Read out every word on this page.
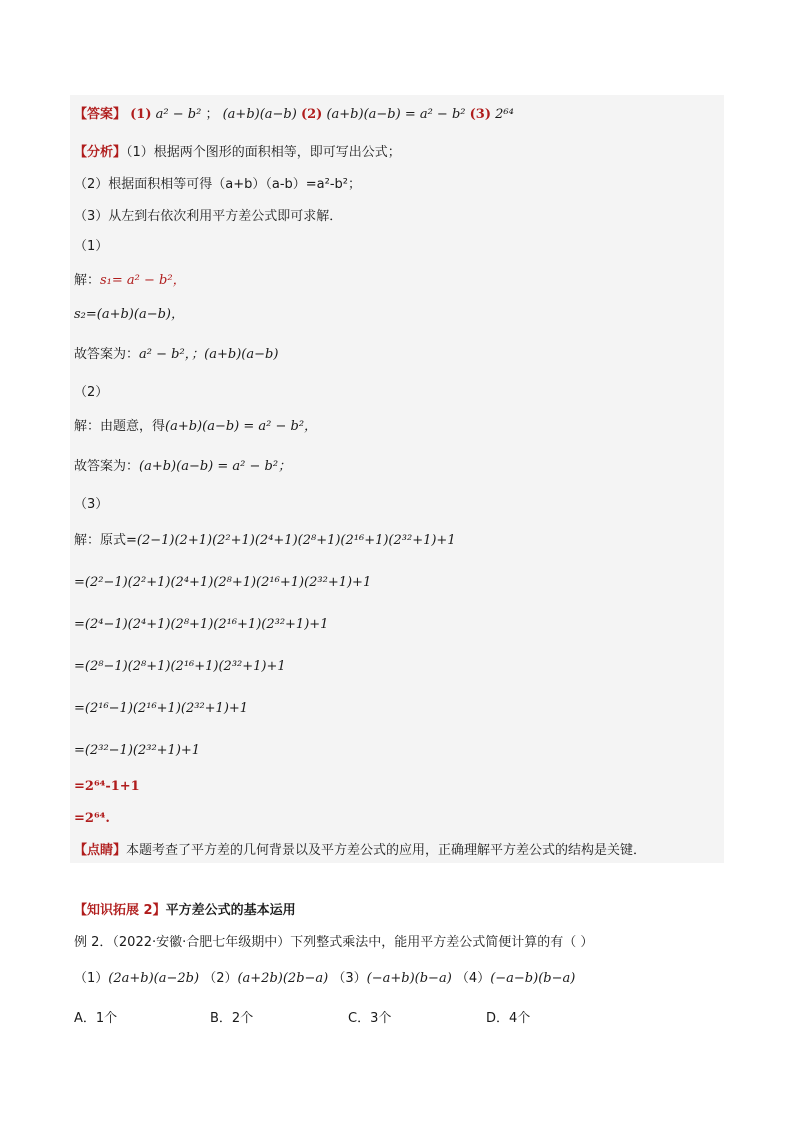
【答案】 (1) a² − b² ； (a+b)(a−b) (2) (a+b)(a−b) = a² − b² (3) 2⁶⁴
【分析】（1）根据两个图形的面积相等，即可写出公式；
（2）根据面积相等可得（a+b）（a-b）=a²-b²；
（3）从左到右依次利用平方差公式即可求解．
（1）
解：s₁= a² − b²，
s₂=(a+b)(a−b)，
故答案为：a² − b²，；(a+b)(a−b)
（2）
解：由题意，得(a+b)(a−b) = a² − b²，
故答案为：(a+b)(a−b) = a² − b²；
（3）
解：原式=(2−1)(2+1)(2²+1)(2⁴+1)(2⁸+1)(2¹⁶+1)(2³²+1)+1
=(2²−1)(2²+1)(2⁴+1)(2⁸+1)(2¹⁶+1)(2³²+1)+1
=(2⁴−1)(2⁴+1)(2⁸+1)(2¹⁶+1)(2³²+1)+1
=(2⁸−1)(2⁸+1)(2¹⁶+1)(2³²+1)+1
=(2¹⁶−1)(2¹⁶+1)(2³²+1)+1
=(2³²−1)(2³²+1)+1
=2⁶⁴-1+1
=2⁶⁴.
【点睛】本题考查了平方差的几何背景以及平方差公式的应用，正确理解平方差公式的结构是关键．
【知识拓展 2】平方差公式的基本运用
例 2．（2022·安徽·合肥七年级期中）下列整式乘法中，能用平方差公式简便计算的有（ ）
（1）(2a+b)(a−2b) （2）(a+2b)(2b−a) （3）(−a+b)(b−a) （4）(−a−b)(b−a)
A．1个	B．2个	C．3个	D．4个
